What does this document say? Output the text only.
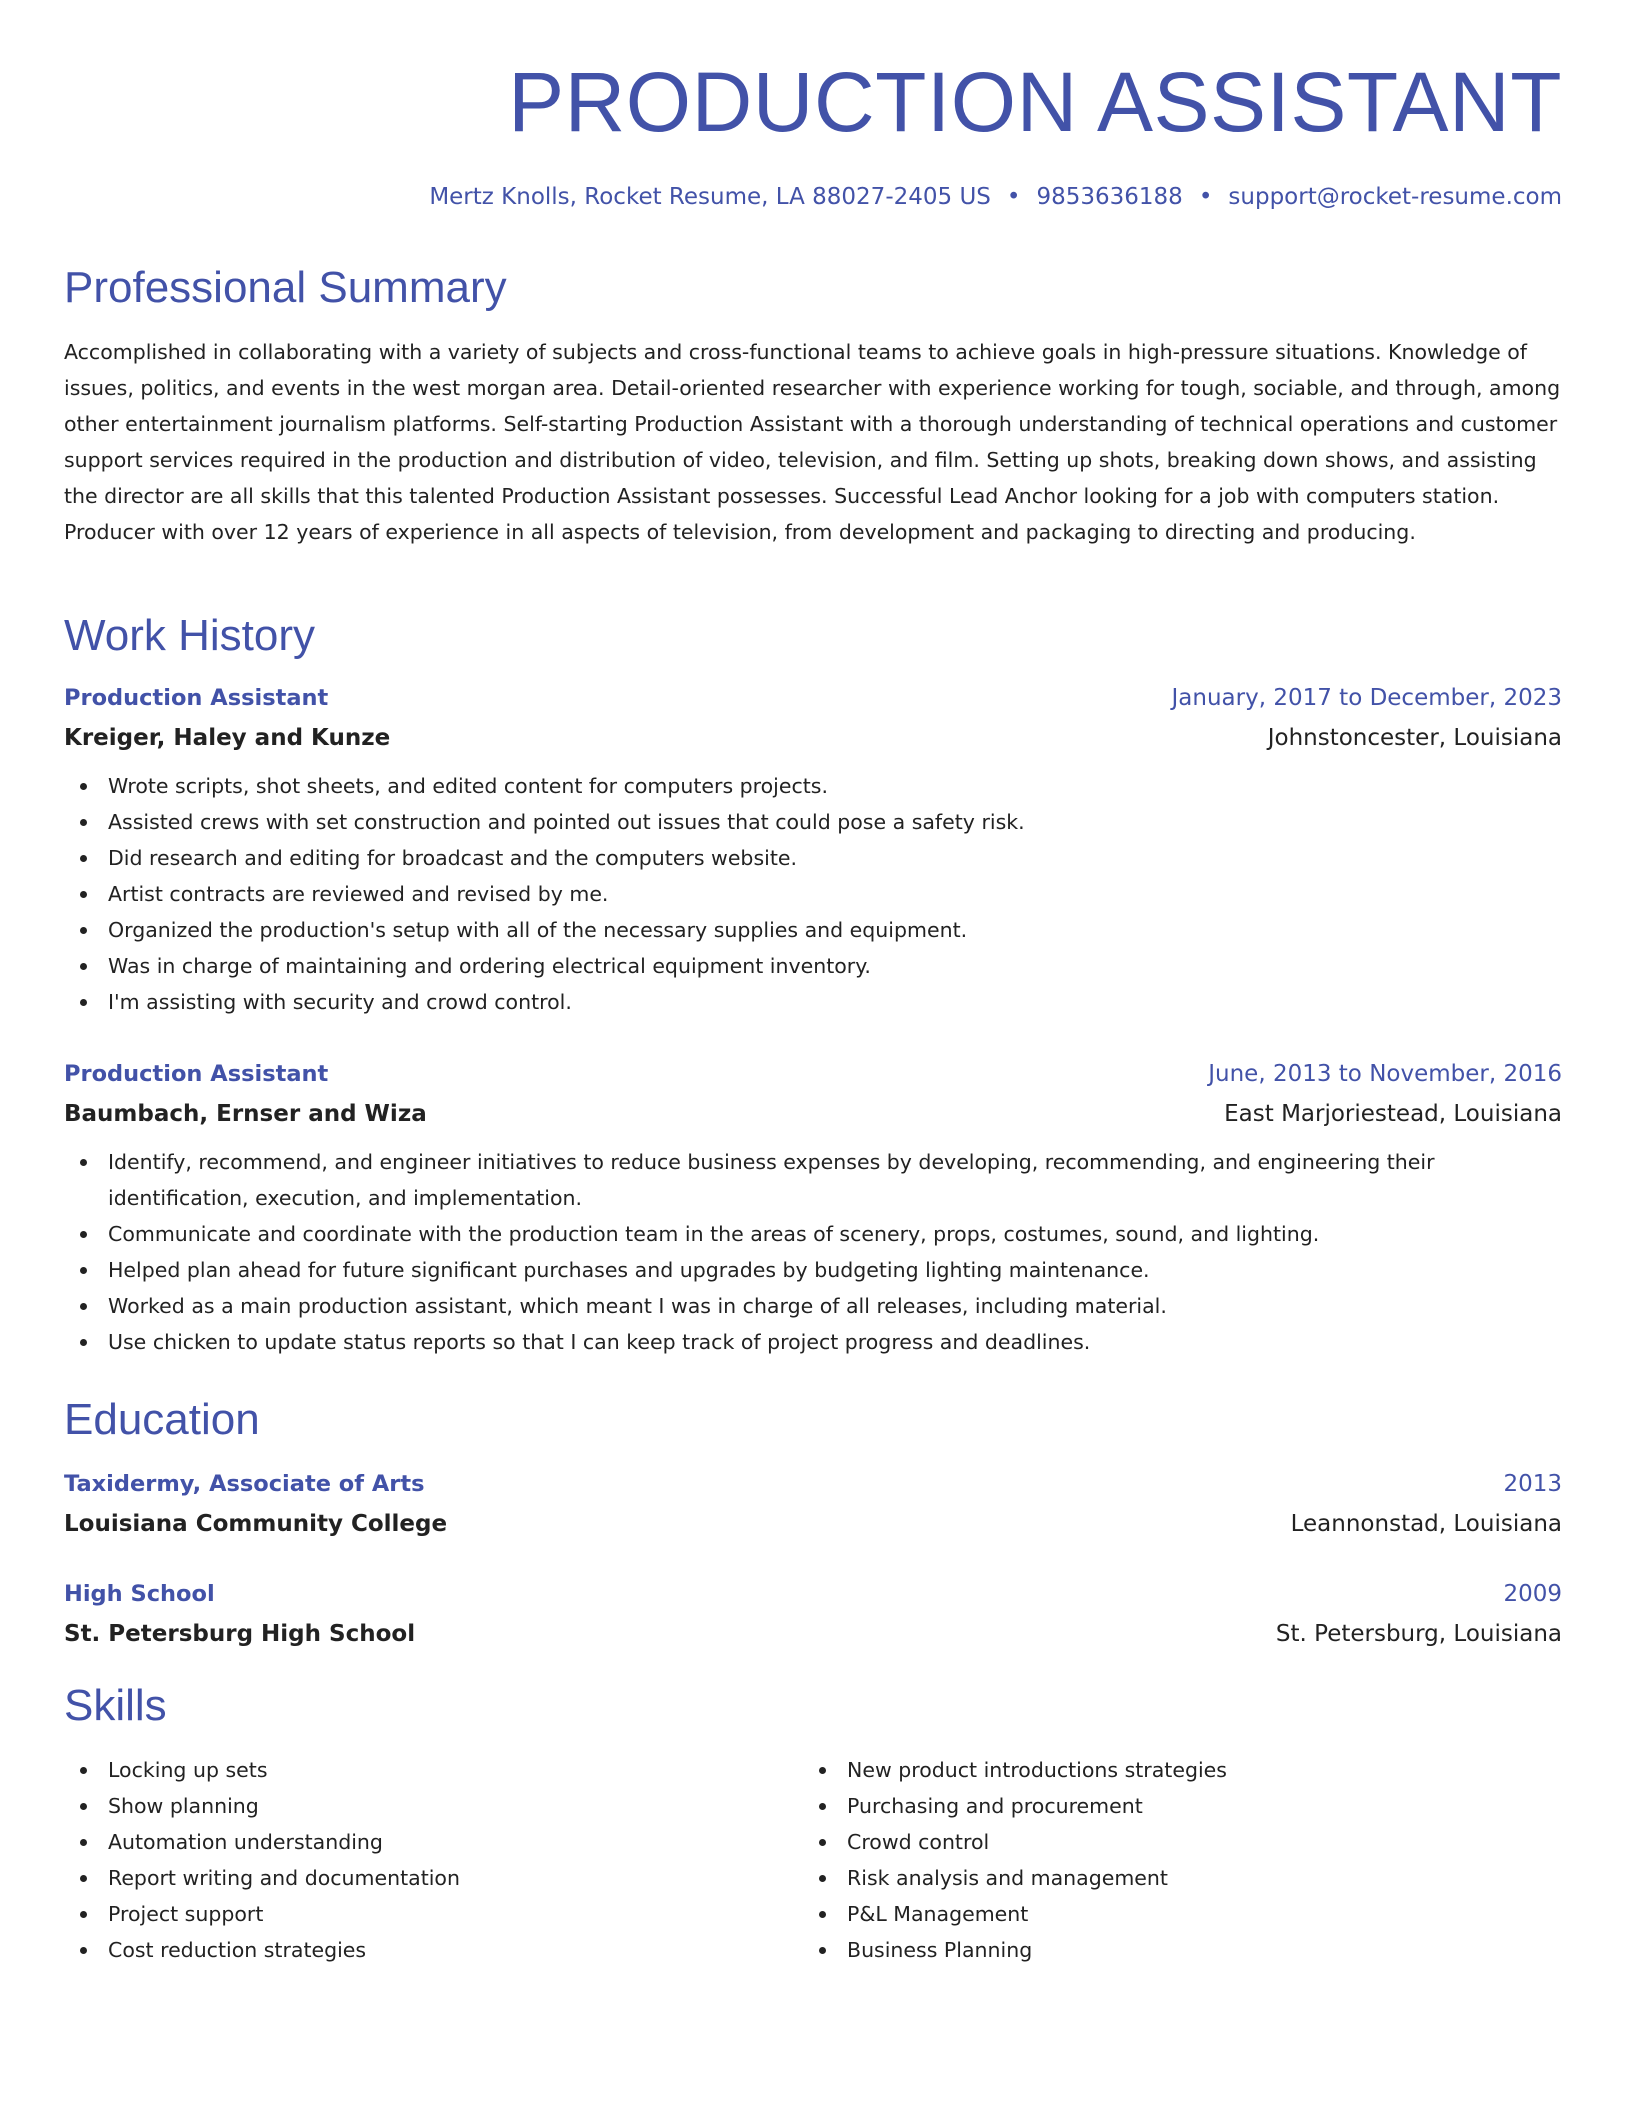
PRODUCTION ASSISTANT
Mertz Knolls, Rocket Resume, LA 88027-2405 US • 9853636188 • support@rocket-resume.com
Professional Summary

Accomplished in collaborating with a variety of subjects and cross-functional teams to achieve goals in high-pressure situations. Knowledge of issues, politics, and events in the west morgan area. Detail-oriented researcher with experience working for tough, sociable, and through, among other entertainment journalism platforms. Self-starting Production Assistant with a thorough understanding of technical operations and customer support services required in the production and distribution of video, television, and film. Setting up shots, breaking down shows, and assisting the director are all skills that this talented Production Assistant possesses. Successful Lead Anchor looking for a job with computers station. Producer with over 12 years of experience in all aspects of television, from development and packaging to directing and producing.

Work History
Production Assistant	January, 2017 to December, 2023
Kreiger, Haley and Kunze	Johnstoncester, Louisiana
Wrote scripts, shot sheets, and edited content for computers projects.
Assisted crews with set construction and pointed out issues that could pose a safety risk.
Did research and editing for broadcast and the computers website.
Artist contracts are reviewed and revised by me.
Organized the production's setup with all of the necessary supplies and equipment.
Was in charge of maintaining and ordering electrical equipment inventory.
I'm assisting with security and crowd control.
Production Assistant	June, 2013 to November, 2016
Baumbach, Ernser and Wiza	East Marjoriestead, Louisiana
Identify, recommend, and engineer initiatives to reduce business expenses by developing, recommending, and engineering their identification, execution, and implementation.
Communicate and coordinate with the production team in the areas of scenery, props, costumes, sound, and lighting.
Helped plan ahead for future significant purchases and upgrades by budgeting lighting maintenance.
Worked as a main production assistant, which meant I was in charge of all releases, including material.
Use chicken to update status reports so that I can keep track of project progress and deadlines.
Education
Taxidermy, Associate of Arts	2013
Louisiana Community College	Leannonstad, Louisiana
High School	2009
St. Petersburg High School	St. Petersburg, Louisiana
Skills
Locking up sets
Show planning
Automation understanding
Report writing and documentation
Project support
Cost reduction strategies
New product introductions strategies
Purchasing and procurement
Crowd control
Risk analysis and management
P&L Management
Business Planning
